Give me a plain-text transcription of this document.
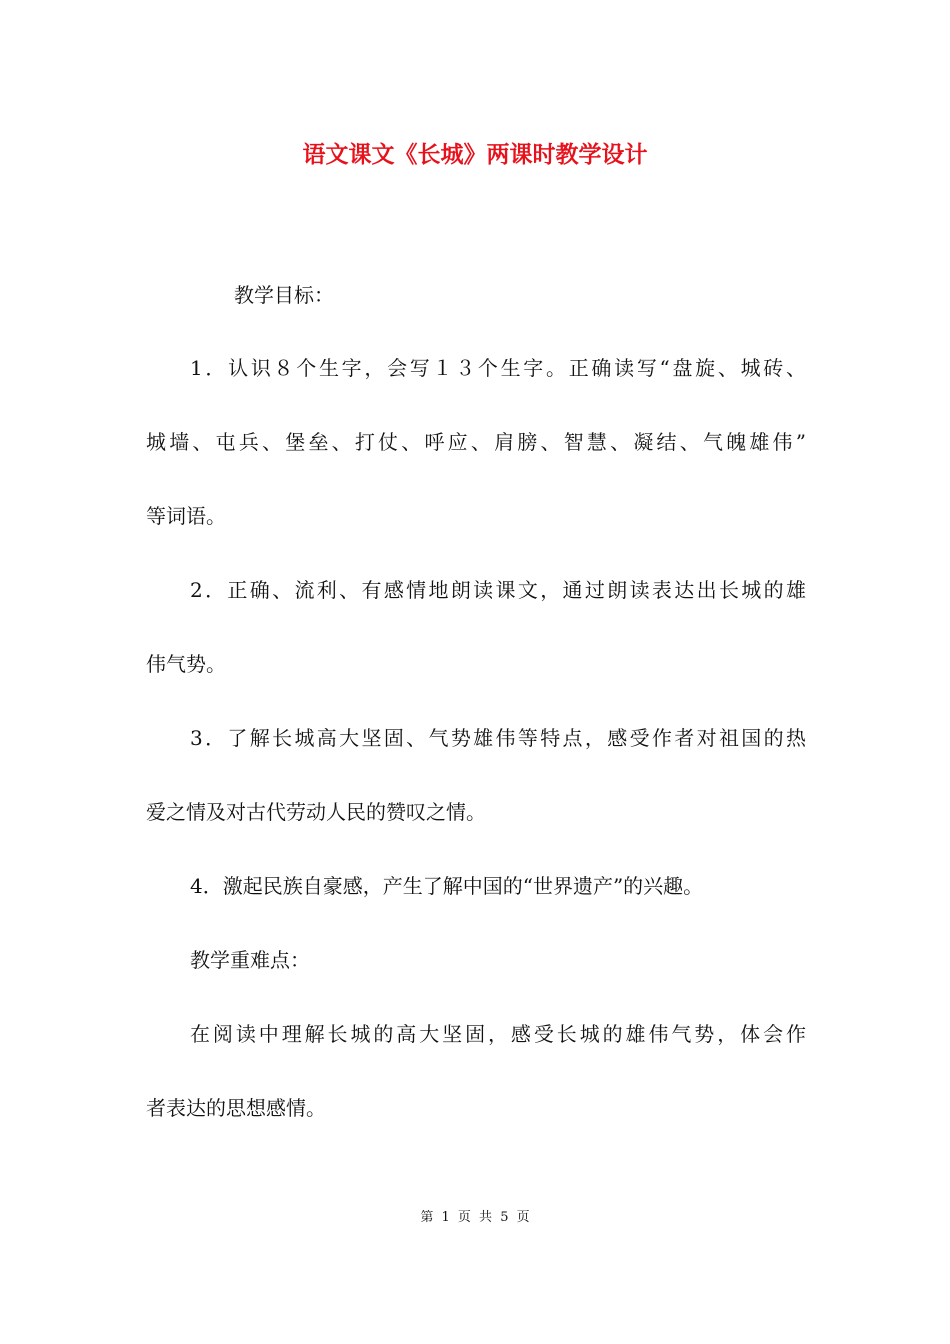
语文课文《长城》两课时教学设计
教学目标：
1．认识８个生字，会写１３个生字。正确读写“盘旋、城砖、
城墙、屯兵、堡垒、打仗、呼应、肩膀、智慧、凝结、气魄雄伟”
等词语。
2．正确、流利、有感情地朗读课文，通过朗读表达出长城的雄
伟气势。
3．了解长城高大坚固、气势雄伟等特点，感受作者对祖国的热
爱之情及对古代劳动人民的赞叹之情。
4．激起民族自豪感，产生了解中国的“世界遗产”的兴趣。
教学重难点：
在阅读中理解长城的高大坚固，感受长城的雄伟气势，体会作
者表达的思想感情。
第 1 页 共 5 页
